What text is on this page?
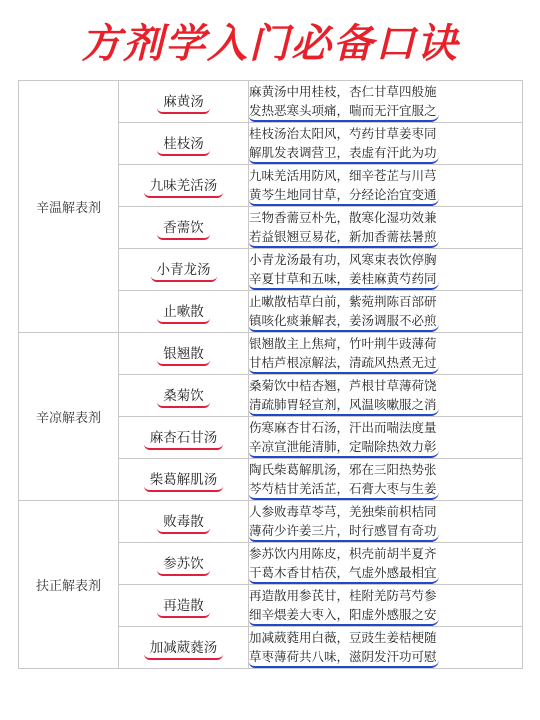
方剂学入门必备口诀
辛温解表剂	麻黄汤	麻黄汤中用桂枝，杏仁甘草四般施
发热恶寒头项痛，喘而无汗宜服之
	桂枝汤	桂枝汤治太阳风，芍药甘草姜枣同
解肌发表调营卫，表虚有汗此为功
	九味羌活汤	九味羌活用防风，细辛苍芷与川芎
黄芩生地同甘草，分经论治宜变通
	香薷饮	三物香薷豆朴先，散寒化湿功效兼
若益银翘豆易花，新加香薷祛暑煎
	小青龙汤	小青龙汤最有功，风寒束表饮停胸
辛夏甘草和五味，姜桂麻黄芍药同
	止嗽散	止嗽散桔草白前，紫菀荆陈百部研
镇咳化痰兼解表，姜汤调服不必煎
辛凉解表剂	银翘散	银翘散主上焦疴，竹叶荆牛豉薄荷
甘桔芦根凉解法，清疏风热煮无过
	桑菊饮	桑菊饮中桔杏翘，芦根甘草薄荷饶
清疏肺胃轻宣剂，风温咳嗽服之消
	麻杏石甘汤	伤寒麻杏甘石汤，汗出而喘法度量
辛凉宣泄能清肺，定喘除热效力彰
	柴葛解肌汤	陶氏柴葛解肌汤，邪在三阳热势张
芩芍桔甘羌活芷，石膏大枣与生姜
扶正解表剂	败毒散	人参败毒草苓芎，羌独柴前枳桔同
薄荷少许姜三片，时行感冒有奇功
	参苏饮	参苏饮内用陈皮，枳壳前胡半夏齐
干葛木香甘桔茯，气虚外感最相宜
	再造散	再造散用参芪甘，桂附羌防芎芍参
细辛煨姜大枣入，阳虚外感服之安
	加减葳蕤汤	加减葳蕤用白薇，豆豉生姜桔梗随
草枣薄荷共八味，滋阴发汗功可慰
